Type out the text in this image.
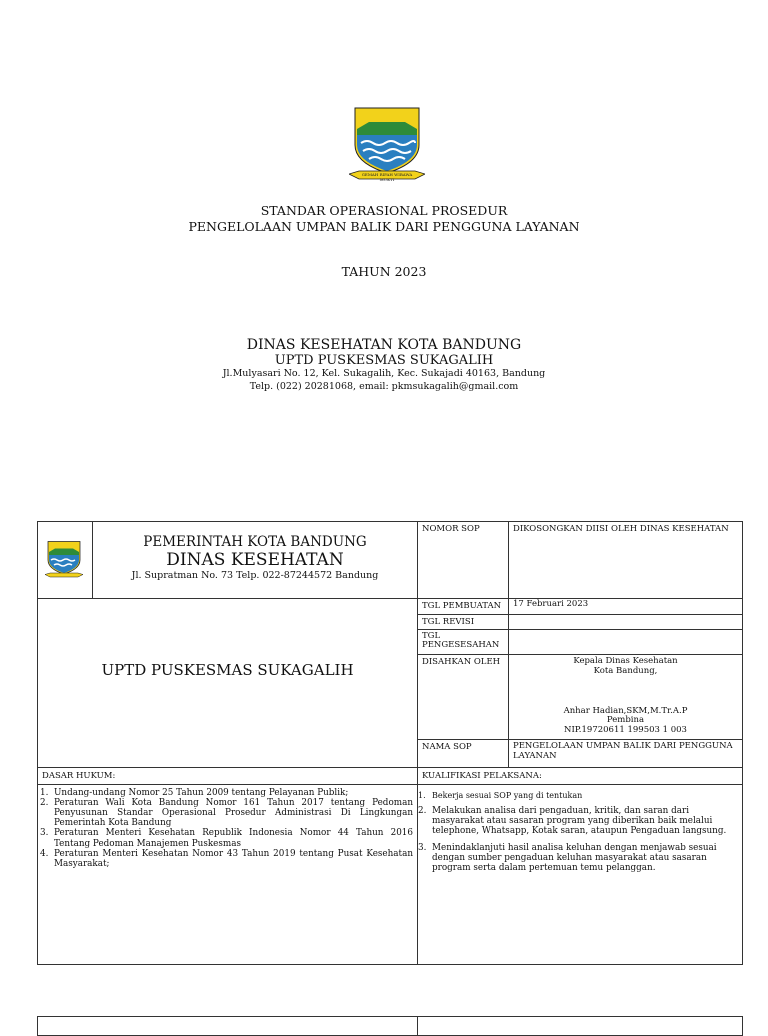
GEMAH RIPAH WIBAWA MUKTI
STANDAR OPERASIONAL PROSEDUR
PENGELOLAAN UMPAN BALIK DARI PENGGUNA LAYANAN
TAHUN 2023
DINAS KESEHATAN KOTA BANDUNG
UPTD PUSKESMAS SUKAGALIH
Jl.Mulyasari No. 12, Kel. Sukagalih, Kec. Sukajadi 40163, Bandung
Telp. (022) 20281068, email: pkmsukagalih@gmail.com
PEMERINTAH KOTA BANDUNG
DINAS KESEHATAN
Jl. Supratman No. 73 Telp. 022-87244572 Bandung
UPTD PUSKESMAS SUKAGALIH
NOMOR SOP	DIKOSONGKAN DIISI OLEH DINAS KESEHATAN
TGL PEMBUATAN	17 Februari 2023
TGL REVISI
TGL PENGESESAHAN
DISAHKAN OLEH	Kepala Dinas Kesehatan
Kota Bandung,
Anhar Hadian,SKM,M.Tr.A.P
Pembina
NIP.19720611 199503 1 003
NAMA SOP	PENGELOLAAN UMPAN BALIK DARI PENGGUNA LAYANAN
DASAR HUKUM:	KUALIFIKASI PELAKSANA:
1. Undang-undang Nomor 25 Tahun 2009 tentang Pelayanan Publik;
2. Peraturan Wali Kota Bandung Nomor 161 Tahun 2017 tentang Pedoman Penyusunan Standar Operasional Prosedur Administrasi Di Lingkungan Pemerintah Kota Bandung
3. Peraturan Menteri Kesehatan Republik Indonesia Nomor 44 Tahun 2016 Tentang Pedoman Manajemen Puskesmas
4. Peraturan Menteri Kesehatan Nomor 43 Tahun 2019 tentang Pusat Kesehatan Masyarakat;
1. Bekerja sesuai SOP yang di tentukan
2. Melakukan analisa dari pengaduan, kritik, dan saran dari masyarakat atau sasaran program yang diberikan baik melalui telephone, Whatsapp, Kotak saran, ataupun Pengaduan langsung.
3. Menindaklanjuti hasil analisa keluhan dengan menjawab sesuai dengan sumber pengaduan keluhan masyarakat atau sasaran program serta dalam pertemuan temu pelanggan.
